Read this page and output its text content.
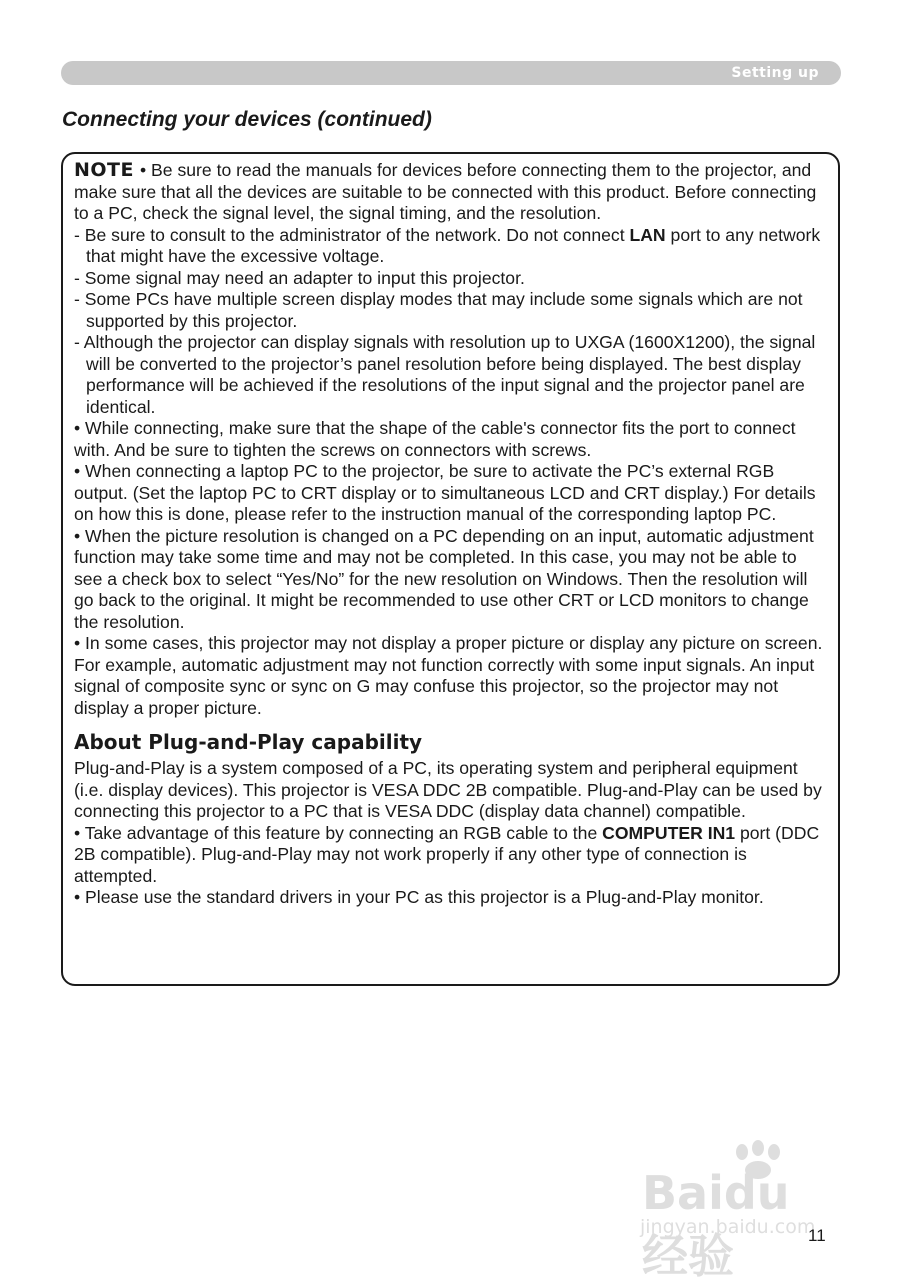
Setting up
Connecting your devices (continued)

NOTE • Be sure to read the manuals for devices before connecting them to the projector, and make sure that all the devices are suitable to be connected with this product. Before connecting to a PC, check the signal level, the signal timing, and the resolution.

- Be sure to consult to the administrator of the network. Do not connect LAN port to any network that might have the excessive voltage.

- Some signal may need an adapter to input this projector.

- Some PCs have multiple screen display modes that may include some signals which are not supported by this projector.

- Although the projector can display signals with resolution up to UXGA (1600X1200), the signal will be converted to the projector’s panel resolution before being displayed. The best display performance will be achieved if the resolutions of the input signal and the projector panel are identical.

• While connecting, make sure that the shape of the cable's connector fits the port to connect with. And be sure to tighten the screws on connectors with screws.

• When connecting a laptop PC to the projector, be sure to activate the PC’s external RGB output. (Set the laptop PC to CRT display or to simultaneous LCD and CRT display.) For details on how this is done, please refer to the instruction manual of the corresponding laptop PC.

• When the picture resolution is changed on a PC depending on an input, automatic adjustment function may take some time and may not be completed. In this case, you may not be able to see a check box to select “Yes/No” for the new resolution on Windows. Then the resolution will go back to the original. It might be recommended to use other CRT or LCD monitors to change the resolution.

• In some cases, this projector may not display a proper picture or display any picture on screen. For example, automatic adjustment may not function correctly with some input signals. An input signal of composite sync or sync on G may confuse this projector, so the projector may not display a proper picture.

About Plug-and-Play capability

Plug-and-Play is a system composed of a PC, its operating system and peripheral equipment (i.e. display devices). This projector is VESA DDC 2B compatible. Plug-and-Play can be used by connecting this projector to a PC that is VESA DDC (display data channel) compatible.

• Take advantage of this feature by connecting an RGB cable to the COMPUTER IN1 port (DDC 2B compatible). Plug-and-Play may not work properly if any other type of connection is attempted.

• Please use the standard drivers in your PC as this projector is a Plug-and-Play monitor.

Baidu 经验
jingyan.baidu.com
11
